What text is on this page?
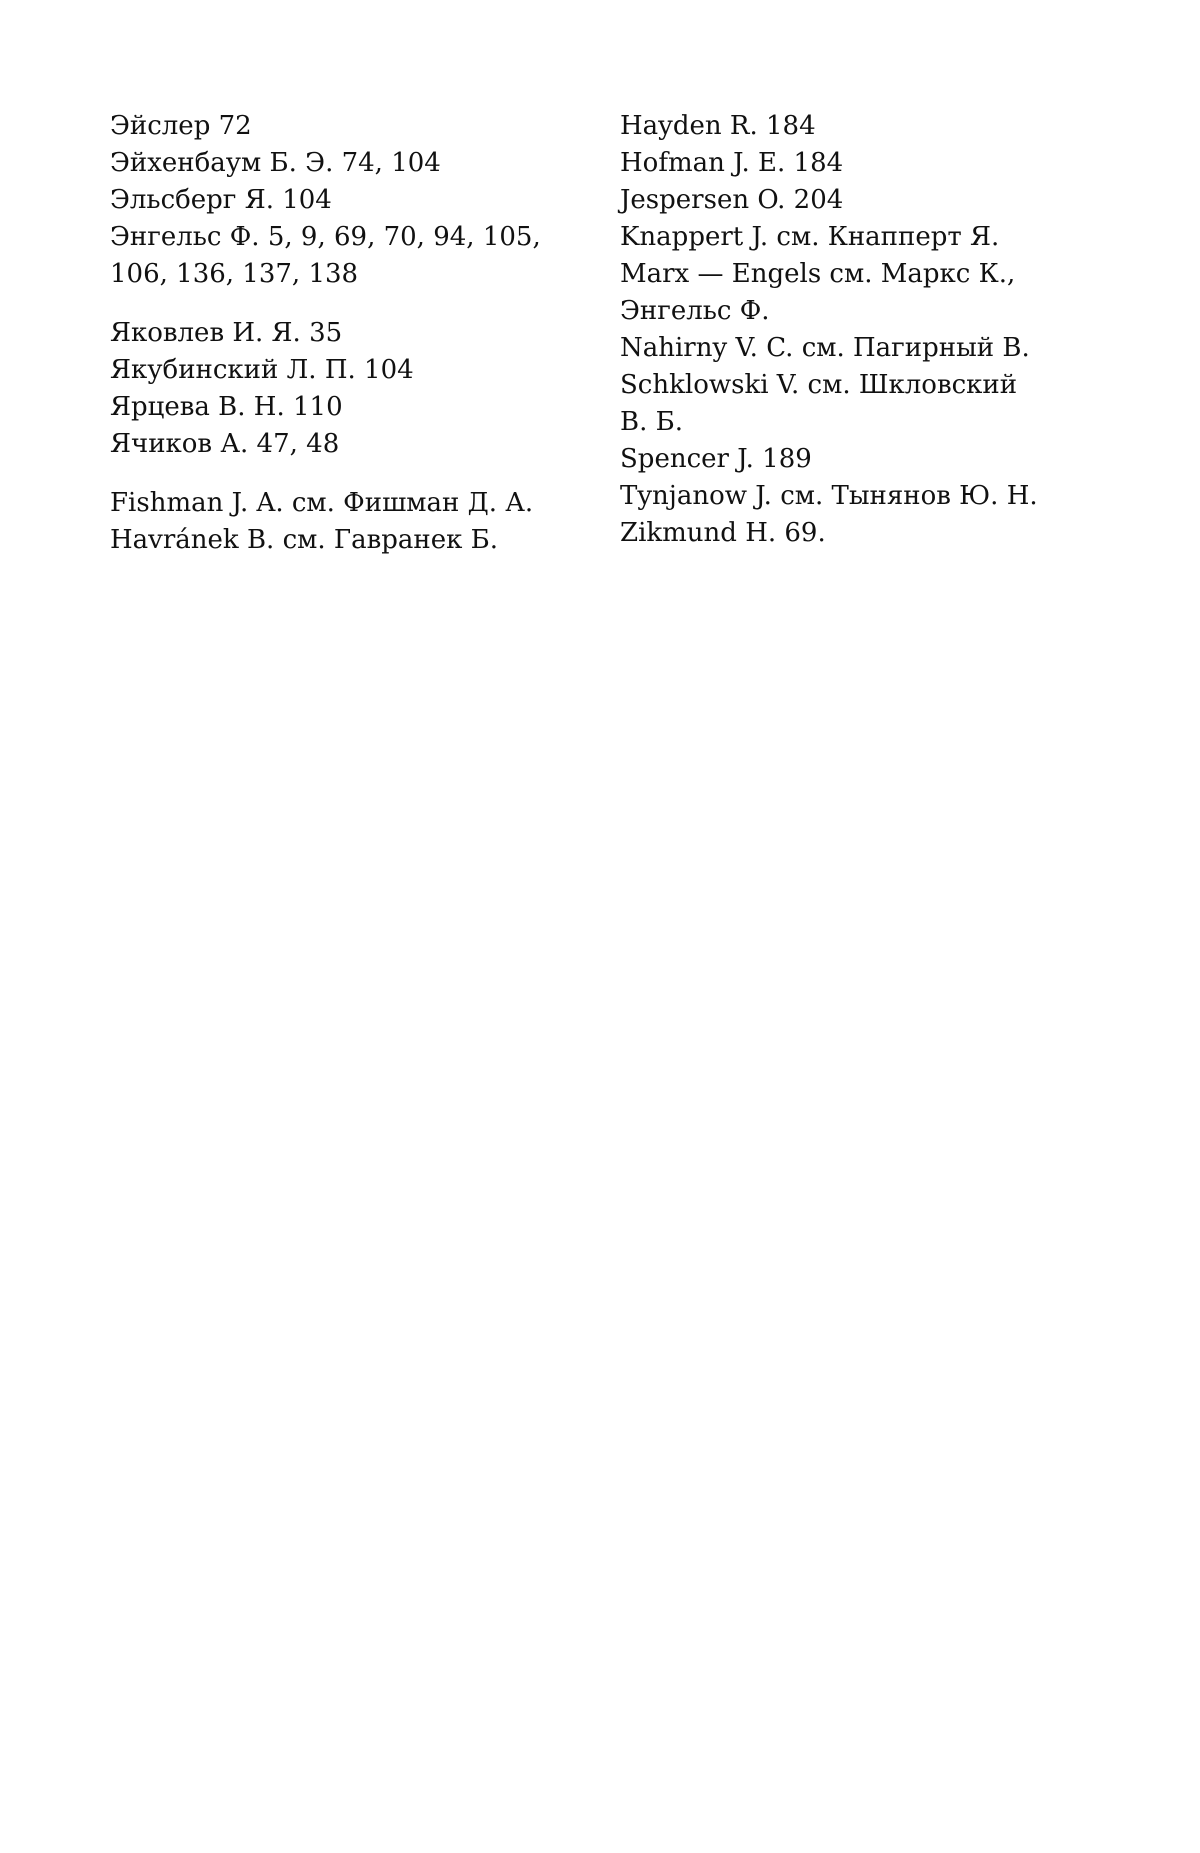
Эйслер 72
Эйхенбаум Б. Э. 74, 104
Эльсберг Я. 104
Энгельс Ф. 5, 9, 69, 70, 94, 105,
106, 136, 137, 138
Яковлев И. Я. 35
Якубинский Л. П. 104
Ярцева В. Н. 110
Ячиков А. 47, 48
Fishman J. A. см. Фишман Д. А.
Havránek B. см. Гавранек Б.
Hayden R. 184
Hofman J. E. 184
Jespersen O. 204
Knappert J. см. Кнапперт Я.
Marx — Engels см. Маркс К.,
Энгельс Ф.
Nahirny V. C. см. Пагирный В.
Schklowski V. см. Шкловский
В. Б.
Spencer J. 189
Tynjanow J. см. Тынянов Ю. Н.
Zikmund H. 69.
